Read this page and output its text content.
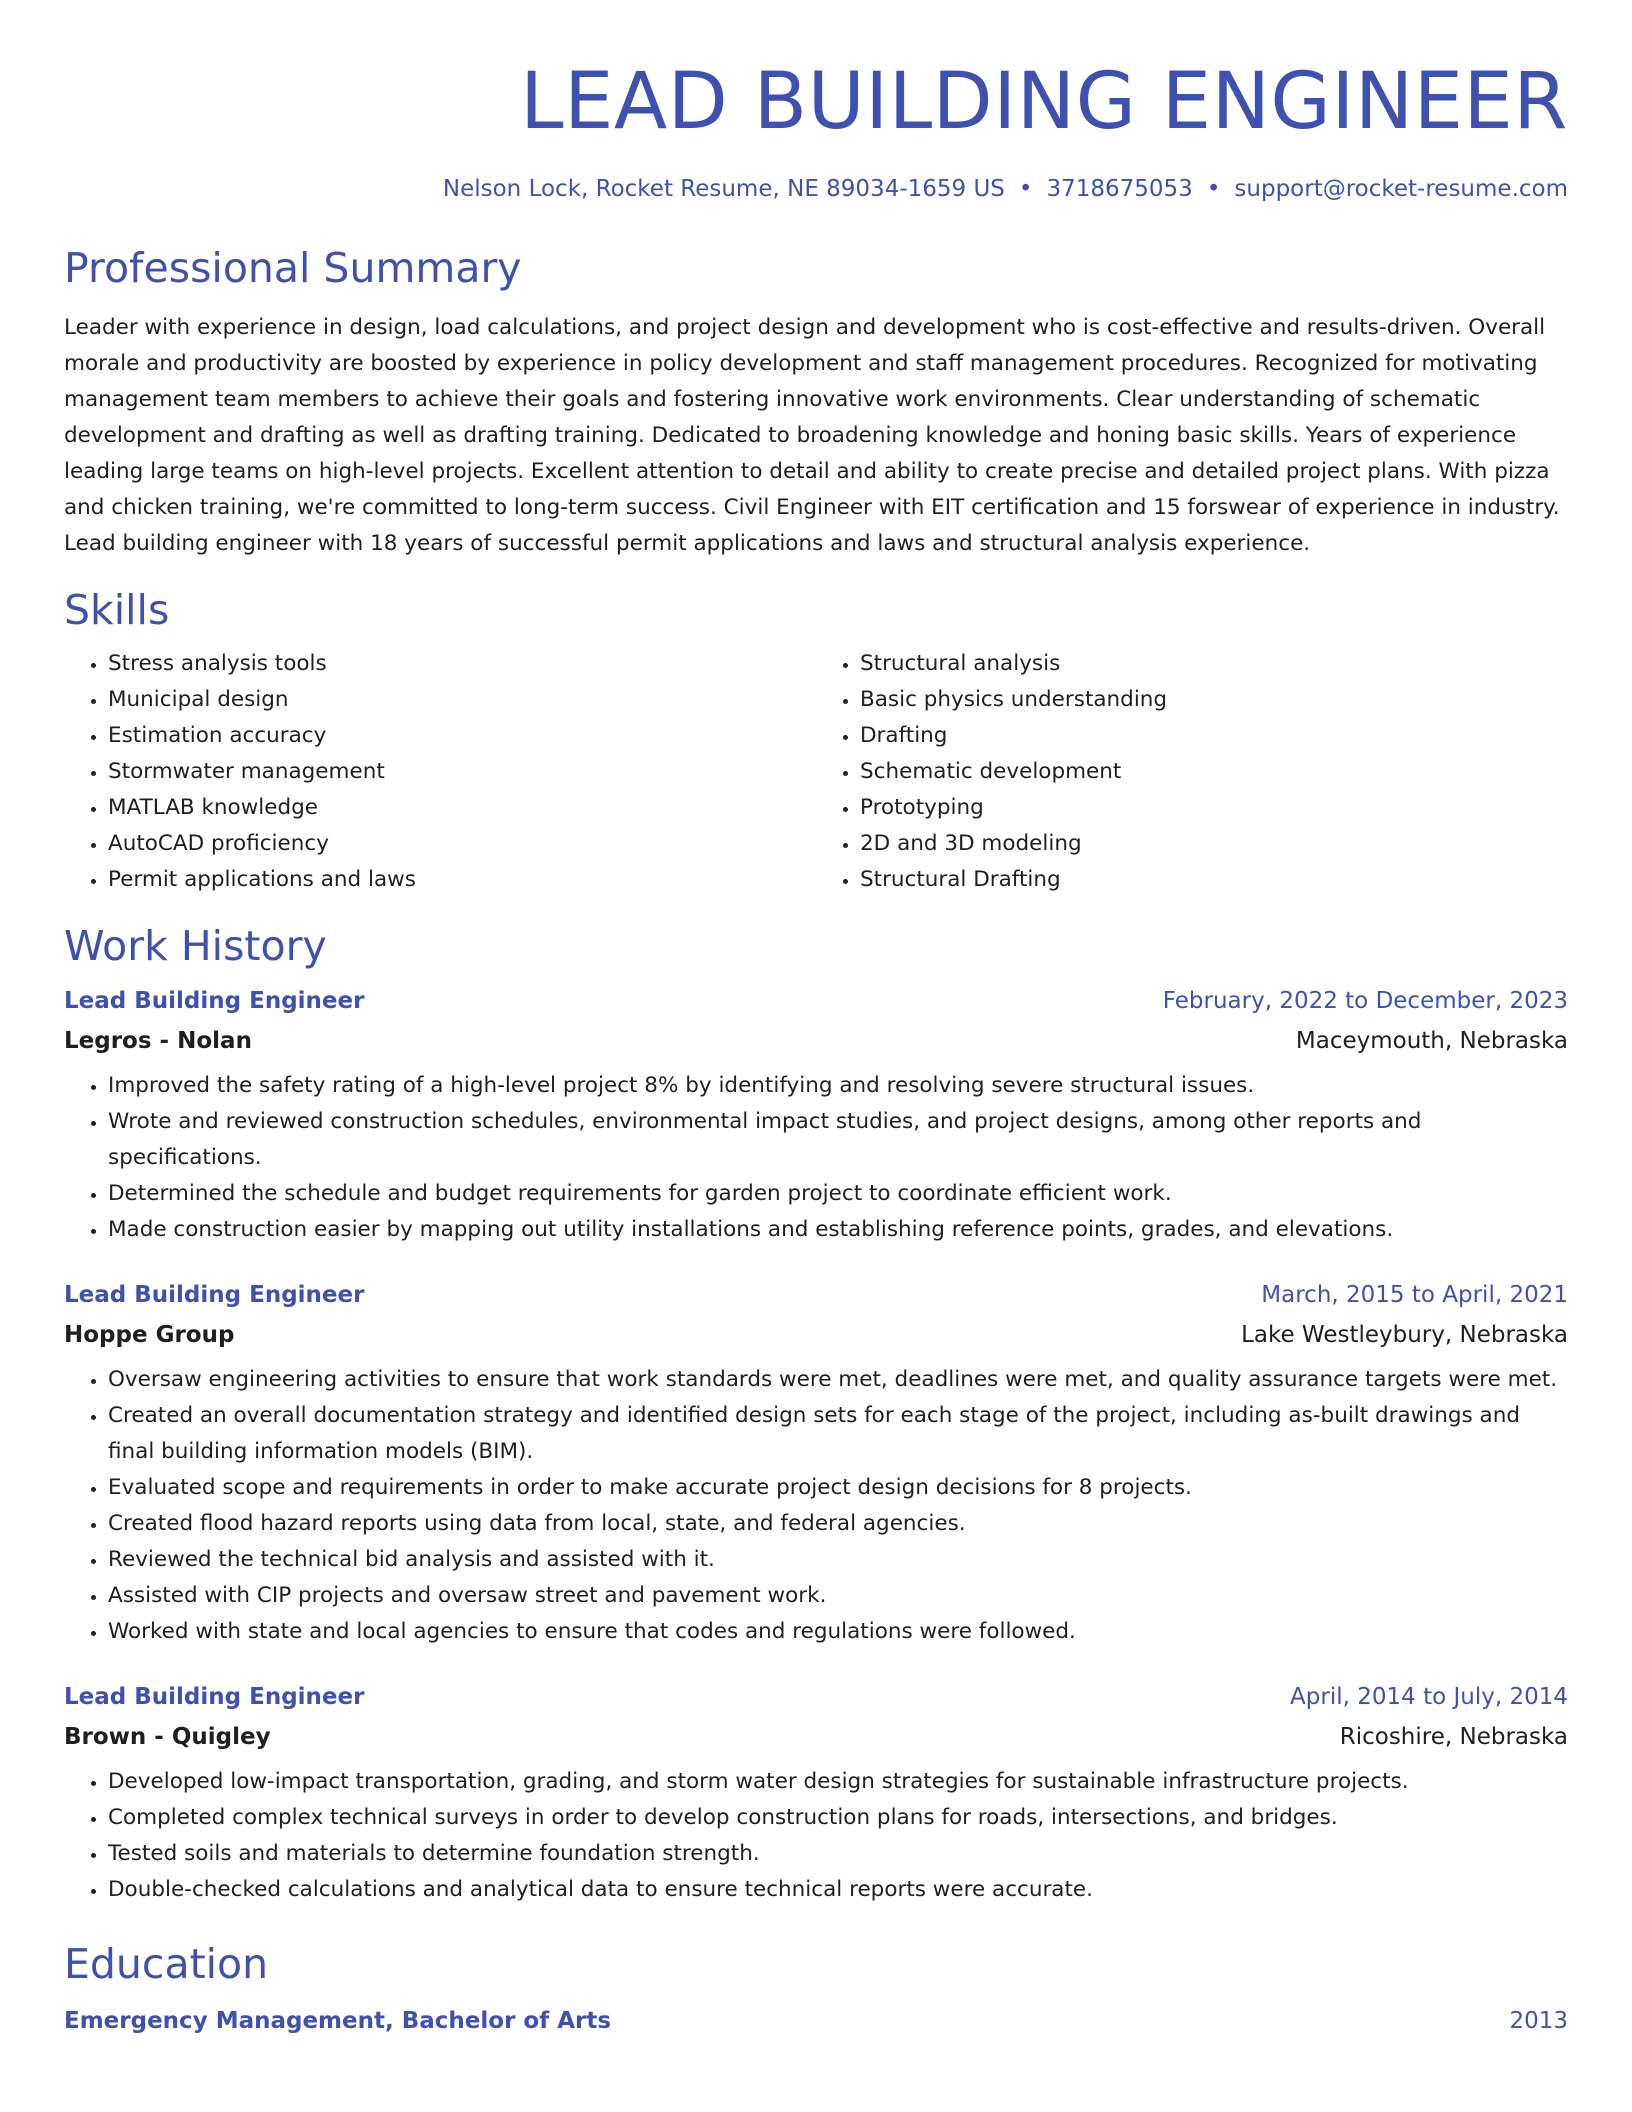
LEAD BUILDING ENGINEER
Nelson Lock, Rocket Resume, NE 89034-1659 US • 3718675053 • support@rocket-resume.com
Professional Summary

Leader with experience in design, load calculations, and project design and development who is cost-effective and results-driven. Overall morale and productivity are boosted by experience in policy development and staff management procedures. Recognized for motivating management team members to achieve their goals and fostering innovative work environments. Clear understanding of schematic development and drafting as well as drafting training. Dedicated to broadening knowledge and honing basic skills. Years of experience leading large teams on high-level projects. Excellent attention to detail and ability to create precise and detailed project plans. With pizza and chicken training, we're committed to long-term success. Civil Engineer with EIT certification and 15 forswear of experience in industry. Lead building engineer with 18 years of successful permit applications and laws and structural analysis experience.

Skills
• Stress analysis tools
• Municipal design
• Estimation accuracy
• Stormwater management
• MATLAB knowledge
• AutoCAD proficiency
• Permit applications and laws
• Structural analysis
• Basic physics understanding
• Drafting
• Schematic development
• Prototyping
• 2D and 3D modeling
• Structural Drafting
Work History
Lead Building Engineer	February, 2022 to December, 2023
Legros - Nolan	Maceymouth, Nebraska
• Improved the safety rating of a high-level project 8% by identifying and resolving severe structural issues.
• Wrote and reviewed construction schedules, environmental impact studies, and project designs, among other reports and specifications.
• Determined the schedule and budget requirements for garden project to coordinate efficient work.
• Made construction easier by mapping out utility installations and establishing reference points, grades, and elevations.
Lead Building Engineer	March, 2015 to April, 2021
Hoppe Group	Lake Westleybury, Nebraska
• Oversaw engineering activities to ensure that work standards were met, deadlines were met, and quality assurance targets were met.
• Created an overall documentation strategy and identified design sets for each stage of the project, including as-built drawings and final building information models (BIM).
• Evaluated scope and requirements in order to make accurate project design decisions for 8 projects.
• Created flood hazard reports using data from local, state, and federal agencies.
• Reviewed the technical bid analysis and assisted with it.
• Assisted with CIP projects and oversaw street and pavement work.
• Worked with state and local agencies to ensure that codes and regulations were followed.
Lead Building Engineer	April, 2014 to July, 2014
Brown - Quigley	Ricoshire, Nebraska
• Developed low-impact transportation, grading, and storm water design strategies for sustainable infrastructure projects.
• Completed complex technical surveys in order to develop construction plans for roads, intersections, and bridges.
• Tested soils and materials to determine foundation strength.
• Double-checked calculations and analytical data to ensure technical reports were accurate.
Education
Emergency Management, Bachelor of Arts	2013
